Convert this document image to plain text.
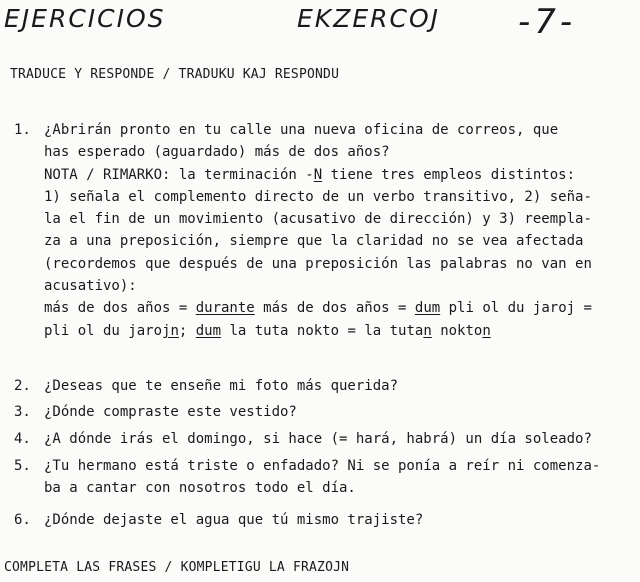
EJERCICIOS	EKZERCOJ -7-
TRADUCE Y RESPONDE / TRADUKU KAJ RESPONDU
1. ¿Abrirán pronto en tu calle una nueva oficina de correos, que
has esperado (aguardado) más de dos años?
NOTA / RIMARKO: la terminación -N tiene tres empleos distintos:
1) señala el complemento directo de un verbo transitivo, 2) seña-
la el fin de un movimiento (acusativo de dirección) y 3) reempla-
za a una preposición, siempre que la claridad no se vea afectada
(recordemos que después de una preposición las palabras no van en
acusativo):
más de dos años = durante más de dos años = dum pli ol du jaroj =
pli ol du jarojn; dum la tuta nokto = la tutan nokton
2. ¿Deseas que te enseñe mi foto más querida?
3. ¿Dónde compraste este vestido?
4. ¿A dónde irás el domingo, si hace (= hará, habrá) un día soleado?
5. ¿Tu hermano está triste o enfadado? Ni se ponía a reír ni comenza-
ba a cantar con nosotros todo el día.
6. ¿Dónde dejaste el agua que tú mismo trajiste?
COMPLETA LAS FRASES / KOMPLETIGU LA FRAZOJN
